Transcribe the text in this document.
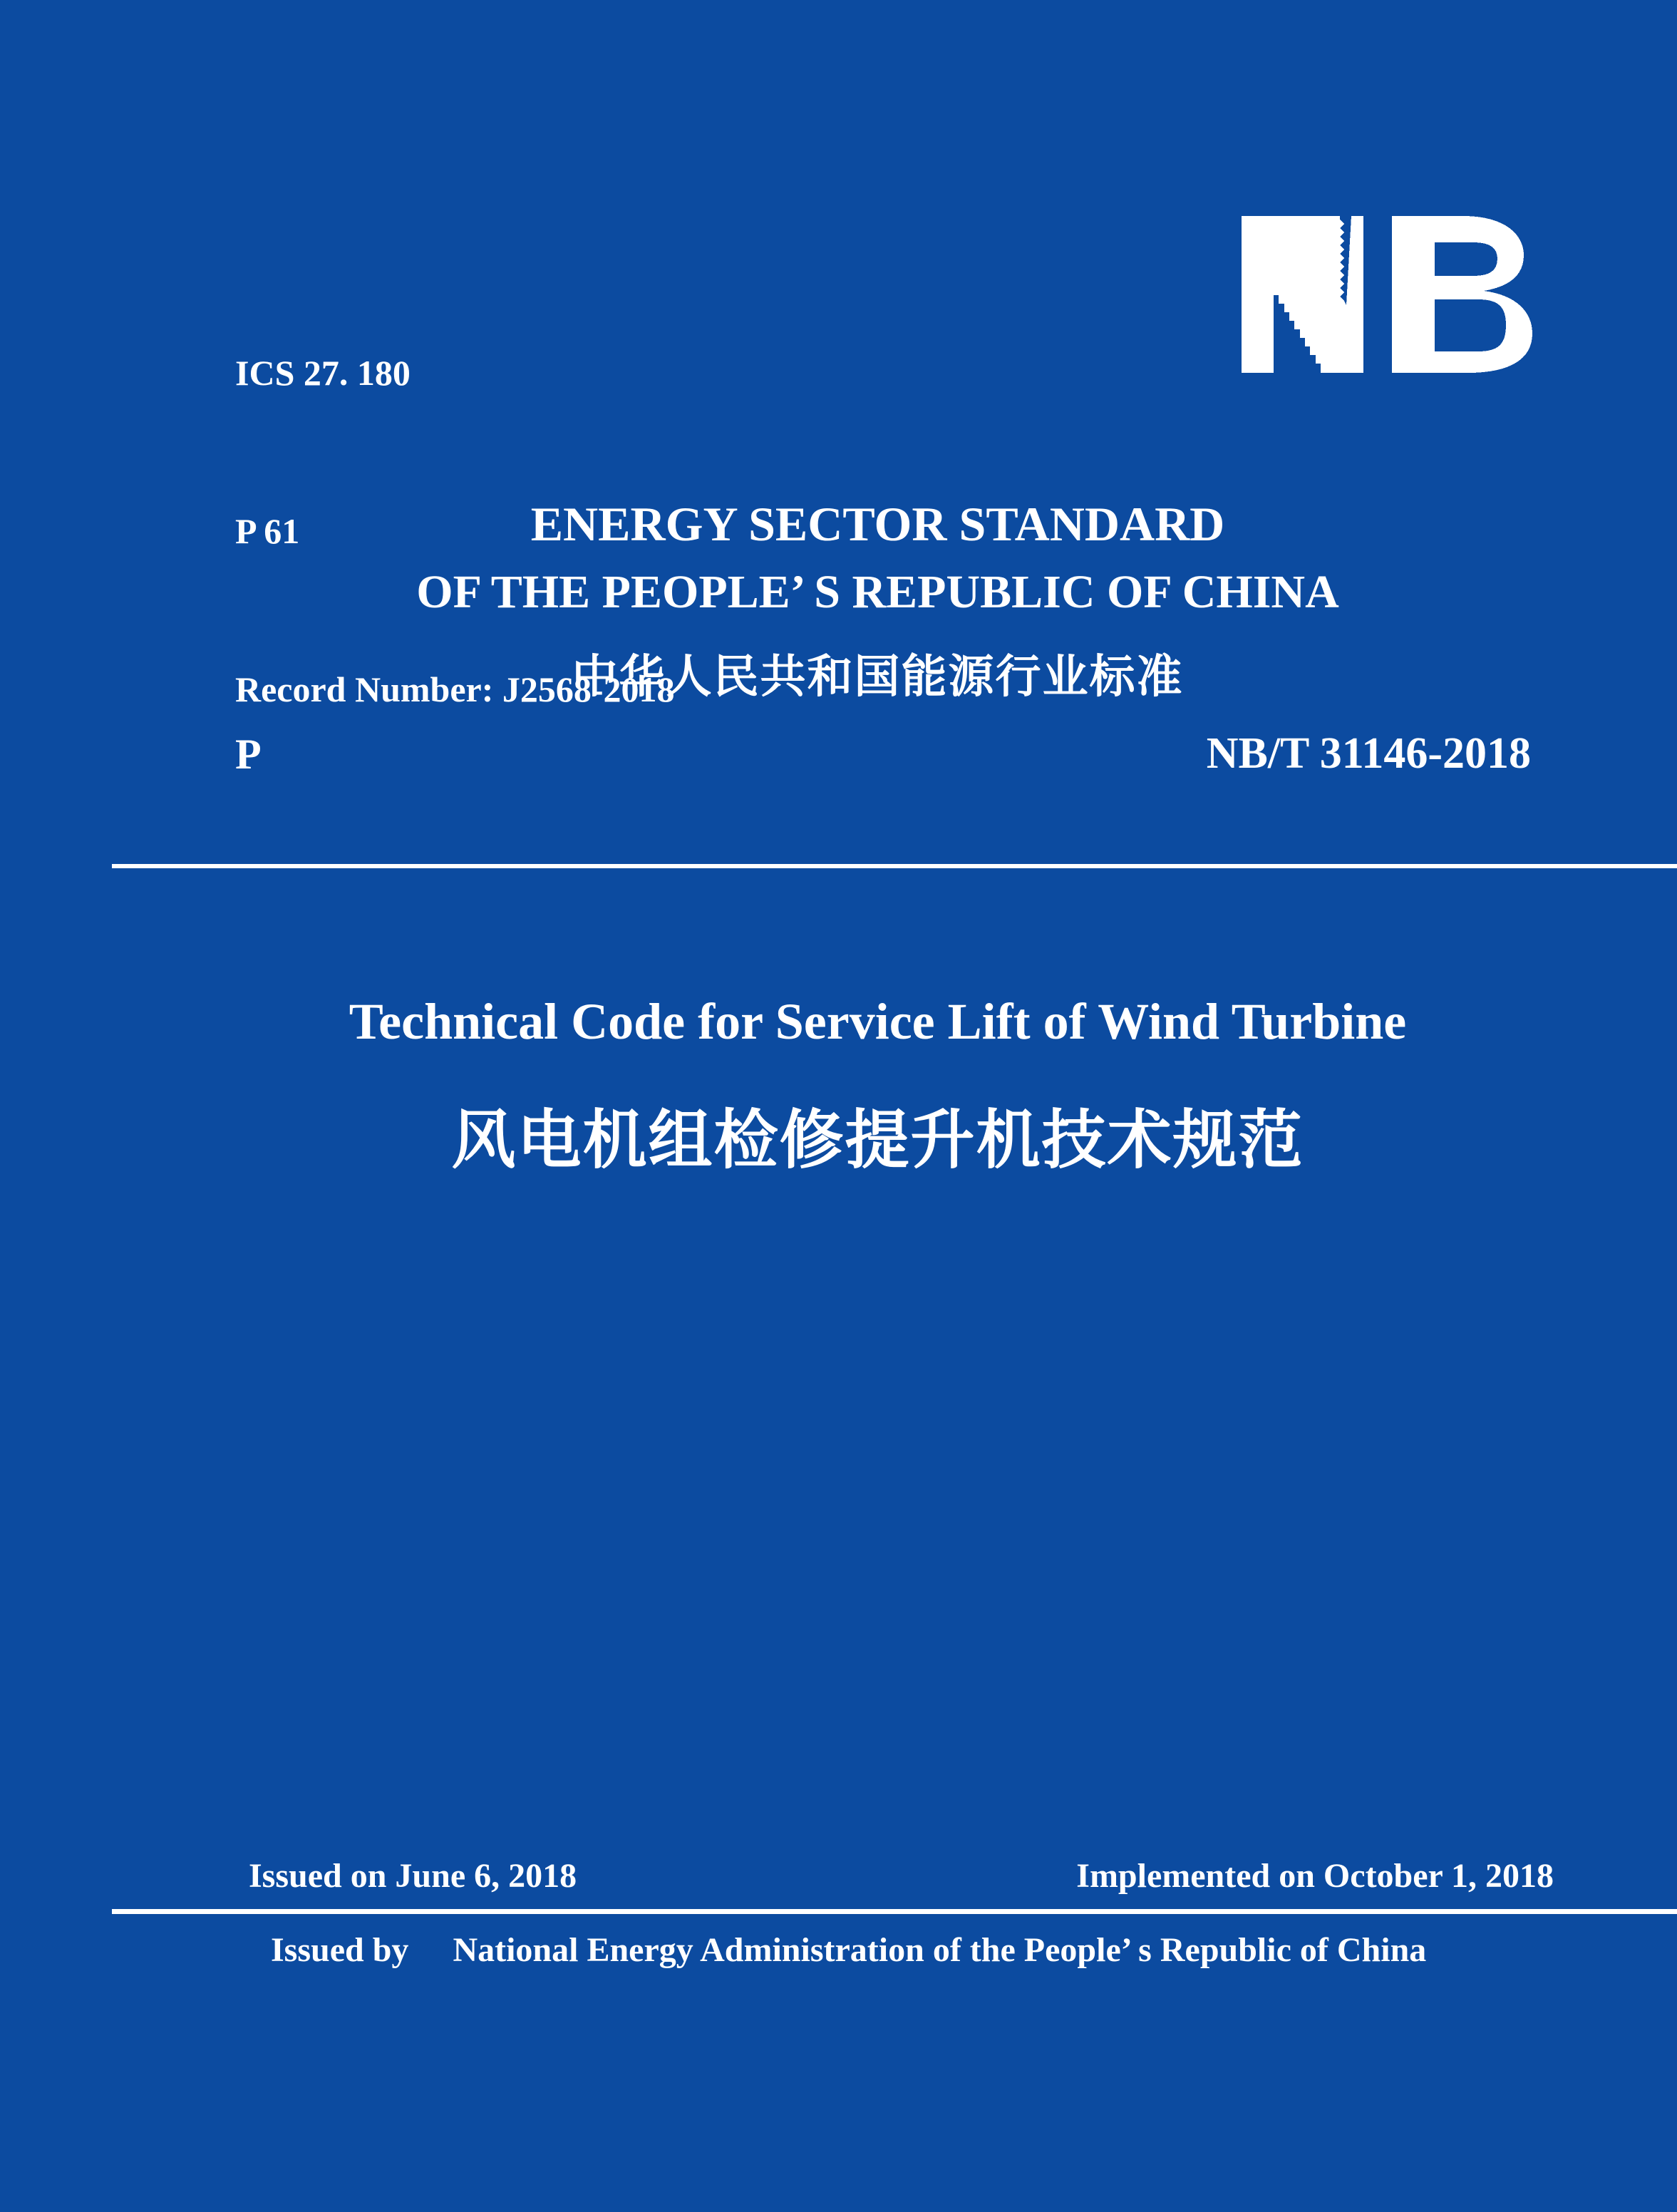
ICS 27. 180

P 61

Record Number: J2568-2018

ENERGY SECTOR STANDARD
OF THE PEOPLE’ S REPUBLIC OF CHINA
中华人民共和国能源行业标准
P	NB/T 31146-2018
Technical Code for Service Lift of Wind Turbine
风电机组检修提升机技术规范
Issued on June 6, 2018	Implemented on October 1, 2018
Issued by National Energy Administration of the People’ s Republic of China
